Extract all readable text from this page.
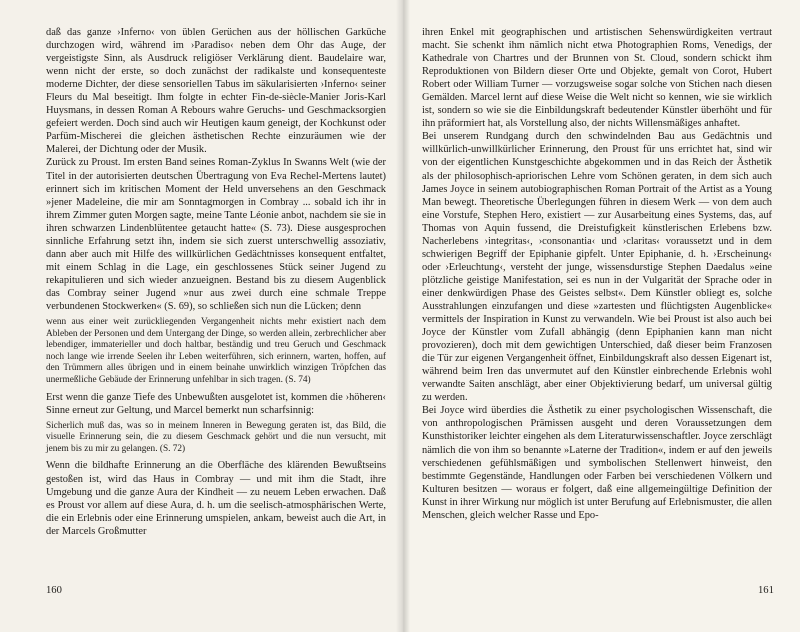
daß das ganze ›Inferno‹ von üblen Gerüchen aus der höllischen Garküche durchzogen wird, während im ›Paradiso‹ neben dem Ohr das Auge, der vergeistigste Sinn, als Ausdruck religiöser Verklärung dient. Baudelaire war, wenn nicht der erste, so doch zunächst der radikalste und konsequenteste moderne Dichter, der diese sensoriellen Tabus im säkularisierten ›Inferno‹ seiner Fleurs du Mal beseitigt. Ihm folgte in echter Fin-de-siècle-Manier Joris-Karl Huysmans, in dessen Roman A Rebours wahre Geruchs- und Geschmacksorgien gefeiert werden. Doch sind auch wir Heutigen kaum geneigt, der Kochkunst oder Parfüm-Mischerei die gleichen ästhetischen Rechte einzuräumen wie der Malerei, der Dichtung oder der Musik.

Zurück zu Proust. Im ersten Band seines Roman-Zyklus In Swanns Welt (wie der Titel in der autorisierten deutschen Übertragung von Eva Rechel-Mertens lautet) erinnert sich im kritischen Moment der Held unversehens an den Geschmack »jener Madeleine, die mir am Sonntagmorgen in Combray ... sobald ich ihr in ihrem Zimmer guten Morgen sagte, meine Tante Léonie anbot, nachdem sie sie in ihren schwarzen Lindenblütentee getaucht hatte« (S. 73). Diese ausgesprochen sinnliche Erfahrung setzt ihn, indem sie sich zuerst unterschwellig assoziativ, dann aber auch mit Hilfe des willkürlichen Gedächtnisses konsequent entfaltet, mit einem Schlag in die Lage, ein geschlossenes Stück seiner Jugend zu rekapitulieren und sich wieder anzueignen. Bestand bis zu diesem Augenblick das Combray seiner Jugend »nur aus zwei durch eine schmale Treppe verbundenen Stockwerken« (S. 69), so schließen sich nun die Lücken; denn

wenn aus einer weit zurückliegenden Vergangenheit nichts mehr existiert nach dem Ableben der Personen und dem Untergang der Dinge, so werden allein, zerbrechlicher aber lebendiger, immaterieller und doch haltbar, beständig und treu Geruch und Geschmack noch lange wie irrende Seelen ihr Leben weiterführen, sich erinnern, warten, hoffen, auf den Trümmern alles übrigen und in einem beinahe unwirklich winzigen Tröpfchen das unermeßliche Gebäude der Erinnerung unfehlbar in sich tragen. (S. 74)

Erst wenn die ganze Tiefe des Unbewußten ausgelotet ist, kommen die ›höheren‹ Sinne erneut zur Geltung, und Marcel bemerkt nun scharfsinnig:

Sicherlich muß das, was so in meinem Inneren in Bewegung geraten ist, das Bild, die visuelle Erinnerung sein, die zu diesem Geschmack gehört und die nun versucht, mit jenem bis zu mir zu gelangen. (S. 72)

Wenn die bildhafte Erinnerung an die Oberfläche des klärenden Bewußtseins gestoßen ist, wird das Haus in Combray — und mit ihm die Stadt, ihre Umgebung und die ganze Aura der Kindheit — zu neuem Leben erwachen. Daß es Proust vor allem auf diese Aura, d. h. um die seelisch-atmosphärischen Werte, die ein Erlebnis oder eine Erinnerung umspielen, ankam, beweist auch die Art, in der Marcels Großmutter

160

ihren Enkel mit geographischen und artistischen Sehenswürdigkeiten vertraut macht. Sie schenkt ihm nämlich nicht etwa Photographien Roms, Venedigs, der Kathedrale von Chartres und der Brunnen von St. Cloud, sondern schickt ihm Reproduktionen von Bildern dieser Orte und Objekte, gemalt von Corot, Hubert Robert oder William Turner — vorzugsweise sogar solche von Stichen nach diesen Gemälden. Marcel lernt auf diese Weise die Welt nicht so kennen, wie sie wirklich ist, sondern so wie sie die Einbildungskraft bedeutender Künstler überhöht und für ihn präformiert hat, als Vorstellung also, der nichts Willensmäßiges anhaftet.

Bei unserem Rundgang durch den schwindelnden Bau aus Gedächtnis und willkürlich-unwillkürlicher Erinnerung, den Proust für uns errichtet hat, sind wir von der eigentlichen Kunstgeschichte abgekommen und in das Reich der Ästhetik als der philosophisch-apriorischen Lehre vom Schönen geraten, in dem sich auch James Joyce in seinem autobiographischen Roman Portrait of the Artist as a Young Man bewegt. Theoretische Überlegungen führen in diesem Werk — von dem auch eine Vorstufe, Stephen Hero, existiert — zur Ausarbeitung eines Systems, das, auf Thomas von Aquin fussend, die Dreistufigkeit künstlerischen Erlebens bzw. Nacherlebens ›integritas‹, ›consonantia‹ und ›claritas‹ voraussetzt und in dem schwierigen Begriff der Epiphanie gipfelt. Unter Epiphanie, d. h. ›Erscheinung‹ oder ›Erleuchtung‹, versteht der junge, wissensdurstige Stephen Daedalus »eine plötzliche geistige Manifestation, sei es nun in der Vulgarität der Sprache oder in einer denkwürdigen Phase des Geistes selbst«. Dem Künstler obliegt es, solche Ausstrahlungen einzufangen und diese »zartesten und flüchtigsten Augenblicke« vermittels der Inspiration in Kunst zu verwandeln. Wie bei Proust ist also auch bei Joyce der Künstler vom Zufall abhängig (denn Epiphanien kann man nicht provozieren), doch mit dem gewichtigen Unterschied, daß dieser beim Franzosen die Tür zur eigenen Vergangenheit öffnet, Einbildungskraft also dessen Eigenart ist, während beim Iren das unvermutet auf den Künstler einbrechende Erlebnis wohl verwandte Saiten anschlägt, aber einer Objektivierung bedarf, um universal gültig zu werden.

Bei Joyce wird überdies die Ästhetik zu einer psychologischen Wissenschaft, die von anthropologischen Prämissen ausgeht und deren Voraussetzungen dem Kunsthistoriker leichter eingehen als dem Literaturwissenschaftler. Joyce zerschlägt nämlich die von ihm so benannte »Laterne der Tradition«, indem er auf den jeweils verschiedenen gefühlsmäßigen und symbolischen Stellenwert hinweist, den bestimmte Gegenstände, Handlungen oder Farben bei verschiedenen Völkern und Kulturen besitzen — woraus er folgert, daß eine allgemeingültige Definition der Kunst in ihrer Wirkung nur möglich ist unter Berufung auf Erlebnismuster, die allen Menschen, gleich welcher Rasse und Epo-

161
